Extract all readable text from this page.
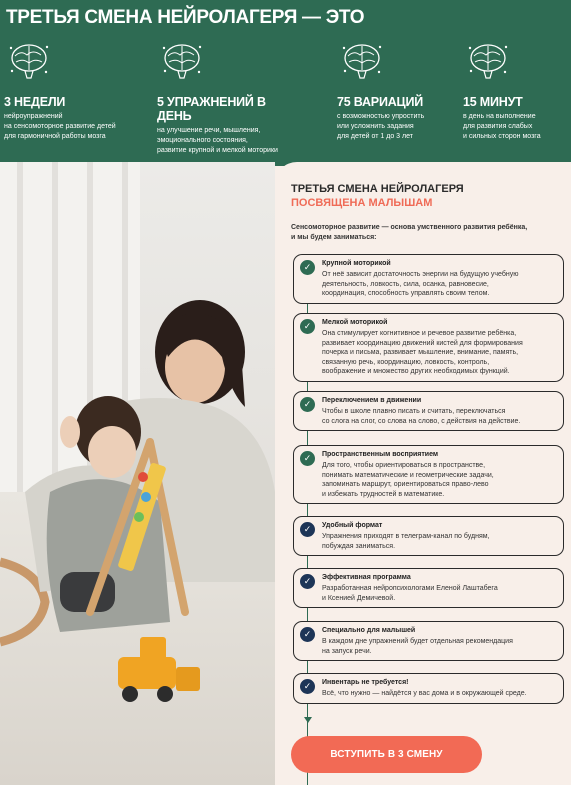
ТРЕТЬЯ СМЕНА НЕЙРОЛАГЕРЯ — ЭТО
3 НЕДЕЛИ
нейроупражнений
на сенсомоторное развитие детей
для гармоничной работы мозга
5 УПРАЖНЕНИЙ В ДЕНЬ
на улучшение речи, мышления,
эмоционального состояния,
развитие крупной и мелкой моторики
75 ВАРИАЦИЙ
с возможностью упростить
или усложнить задания
для детей от 1 до 3 лет
15 МИНУТ
в день на выполнение
для развития слабых
и сильных сторон мозга
ТРЕТЬЯ СМЕНА НЕЙРОЛАГЕРЯ
ПОСВЯЩЕНА МАЛЫШАМ
Сенсомоторное развитие — основа умственного развития ребёнка,
и мы будем заниматься:
✓	Крупной моторикой
От неё зависит достаточность энергии на будущую учебную
деятельность, ловкость, сила, осанка, равновесие,
координация, способность управлять своим телом.
✓	Мелкой моторикой
Она стимулирует когнитивное и речевое развитие ребёнка,
развивает координацию движений кистей для формирования
почерка и письма, развивает мышление, внимание, память,
связанную речь, координацию, ловкость, контроль,
воображение и множество других необходимых функций.
✓	Переключением в движении
Чтобы в школе плавно писать и считать, переключаться
со слога на слог, со слова на слово, с действия на действие.
✓	Пространственным восприятием
Для того, чтобы ориентироваться в пространстве,
понимать математические и геометрические задачи,
запоминать маршрут, ориентироваться право-лево
и избежать трудностей в математике.
✓	Удобный формат
Упражнения приходят в телеграм-канал по будням,
побуждая заниматься.
✓	Эффективная программа
Разработанная нейропсихологами Еленой Лаштабега
и Ксенией Демичевой.
✓	Специально для малышей
В каждом дне упражнений будет отдельная рекомендация
на запуск речи.
✓	Инвентарь не требуется!
Всё, что нужно — найдётся у вас дома и в окружающей среде.
ВСТУПИТЬ В 3 СМЕНУ
